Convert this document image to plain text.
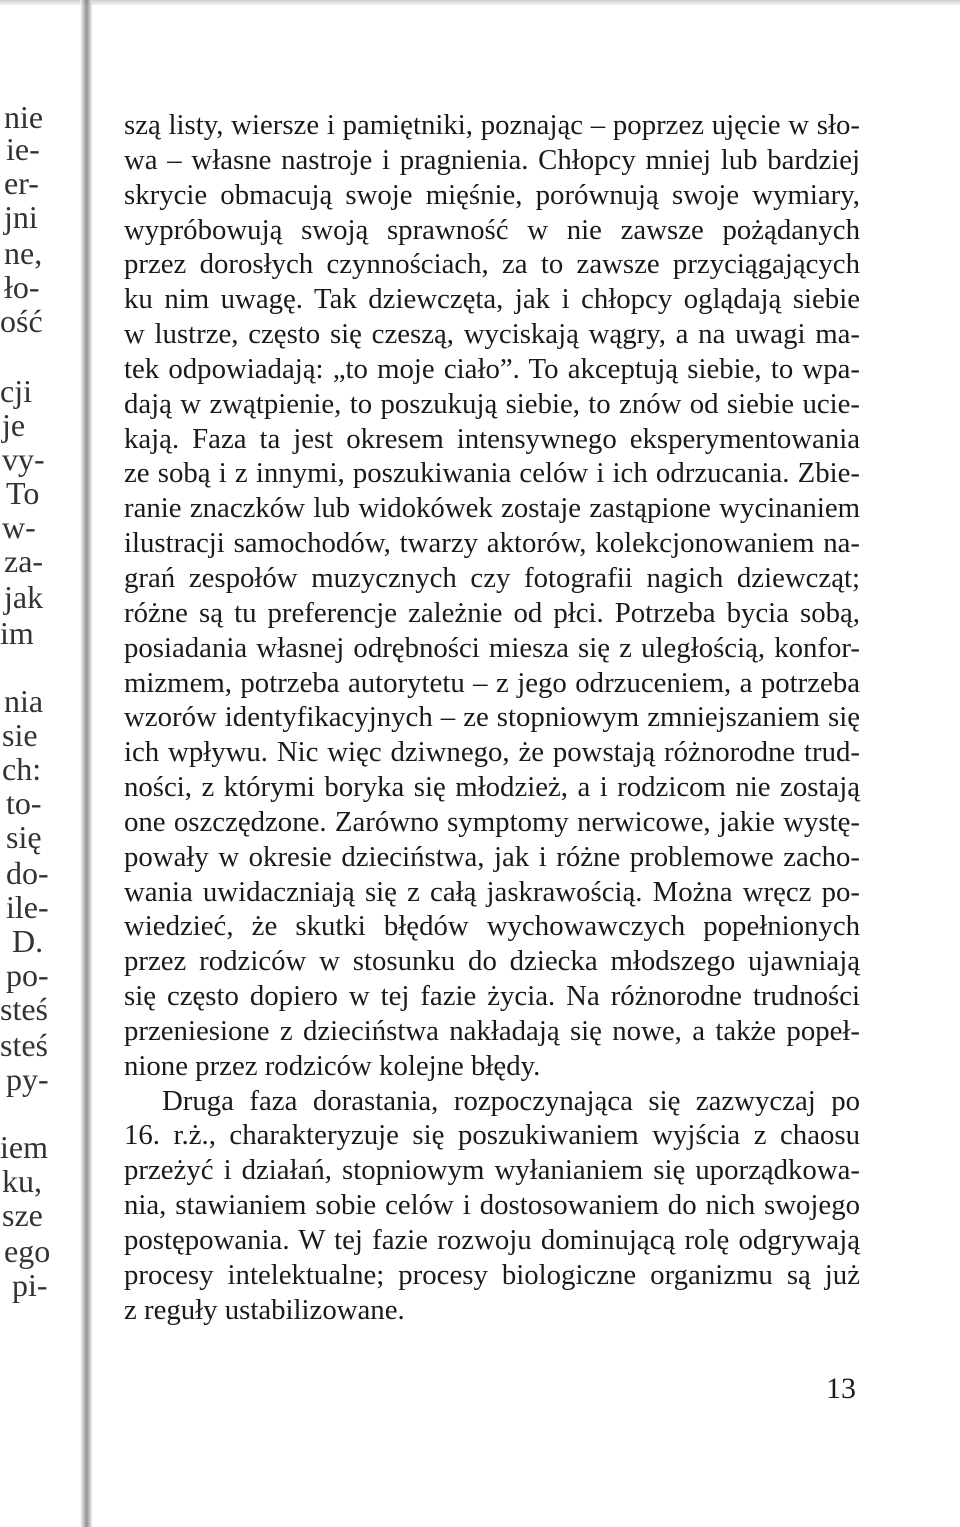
nie
ie-
er-
jni
ne,
ło-
ość
cji
je
vy-
To
w-
za-
jak
im
nia
sie
ch:
to-
się
do-
ile-
D.
po-
steś
steś
py-
iem
ku,
sze
ego
pi-
szą listy, wiersze i pamiętniki, poznając – poprzez ujęcie w sło-
wa – własne nastroje i pragnienia. Chłopcy mniej lub bardziej
skrycie obmacują swoje mięśnie, porównują swoje wymiary,
wypróbowują swoją sprawność w nie zawsze pożądanych
przez dorosłych czynnościach, za to zawsze przyciągających
ku nim uwagę. Tak dziewczęta, jak i chłopcy oglądają siebie
w lustrze, często się czeszą, wyciskają wągry, a na uwagi ma-
tek odpowiadają: „to moje ciało”. To akceptują siebie, to wpa-
dają w zwątpienie, to poszukują siebie, to znów od siebie ucie-
kają. Faza ta jest okresem intensywnego eksperymentowania
ze sobą i z innymi, poszukiwania celów i ich odrzucania. Zbie-
ranie znaczków lub widokówek zostaje zastąpione wycinaniem
ilustracji samochodów, twarzy aktorów, kolekcjonowaniem na-
grań zespołów muzycznych czy fotografii nagich dziewcząt;
różne są tu preferencje zależnie od płci. Potrzeba bycia sobą,
posiadania własnej odrębności miesza się z uległością, konfor-
mizmem, potrzeba autorytetu – z jego odrzuceniem, a potrzeba
wzorów identyfikacyjnych – ze stopniowym zmniejszaniem się
ich wpływu. Nic więc dziwnego, że powstają różnorodne trud-
ności, z którymi boryka się młodzież, a i rodzicom nie zostają
one oszczędzone. Zarówno symptomy nerwicowe, jakie wystę-
powały w okresie dzieciństwa, jak i różne problemowe zacho-
wania uwidaczniają się z całą jaskrawością. Można wręcz po-
wiedzieć, że skutki błędów wychowawczych popełnionych
przez rodziców w stosunku do dziecka młodszego ujawniają
się często dopiero w tej fazie życia. Na różnorodne trudności
przeniesione z dzieciństwa nakładają się nowe, a także popeł-
nione przez rodziców kolejne błędy.
Druga faza dorastania, rozpoczynająca się zazwyczaj po
16. r.ż., charakteryzuje się poszukiwaniem wyjścia z chaosu
przeżyć i działań, stopniowym wyłanianiem się uporządkowa-
nia, stawianiem sobie celów i dostosowaniem do nich swojego
postępowania. W tej fazie rozwoju dominującą rolę odgrywają
procesy intelektualne; procesy biologiczne organizmu są już
z reguły ustabilizowane.
13
